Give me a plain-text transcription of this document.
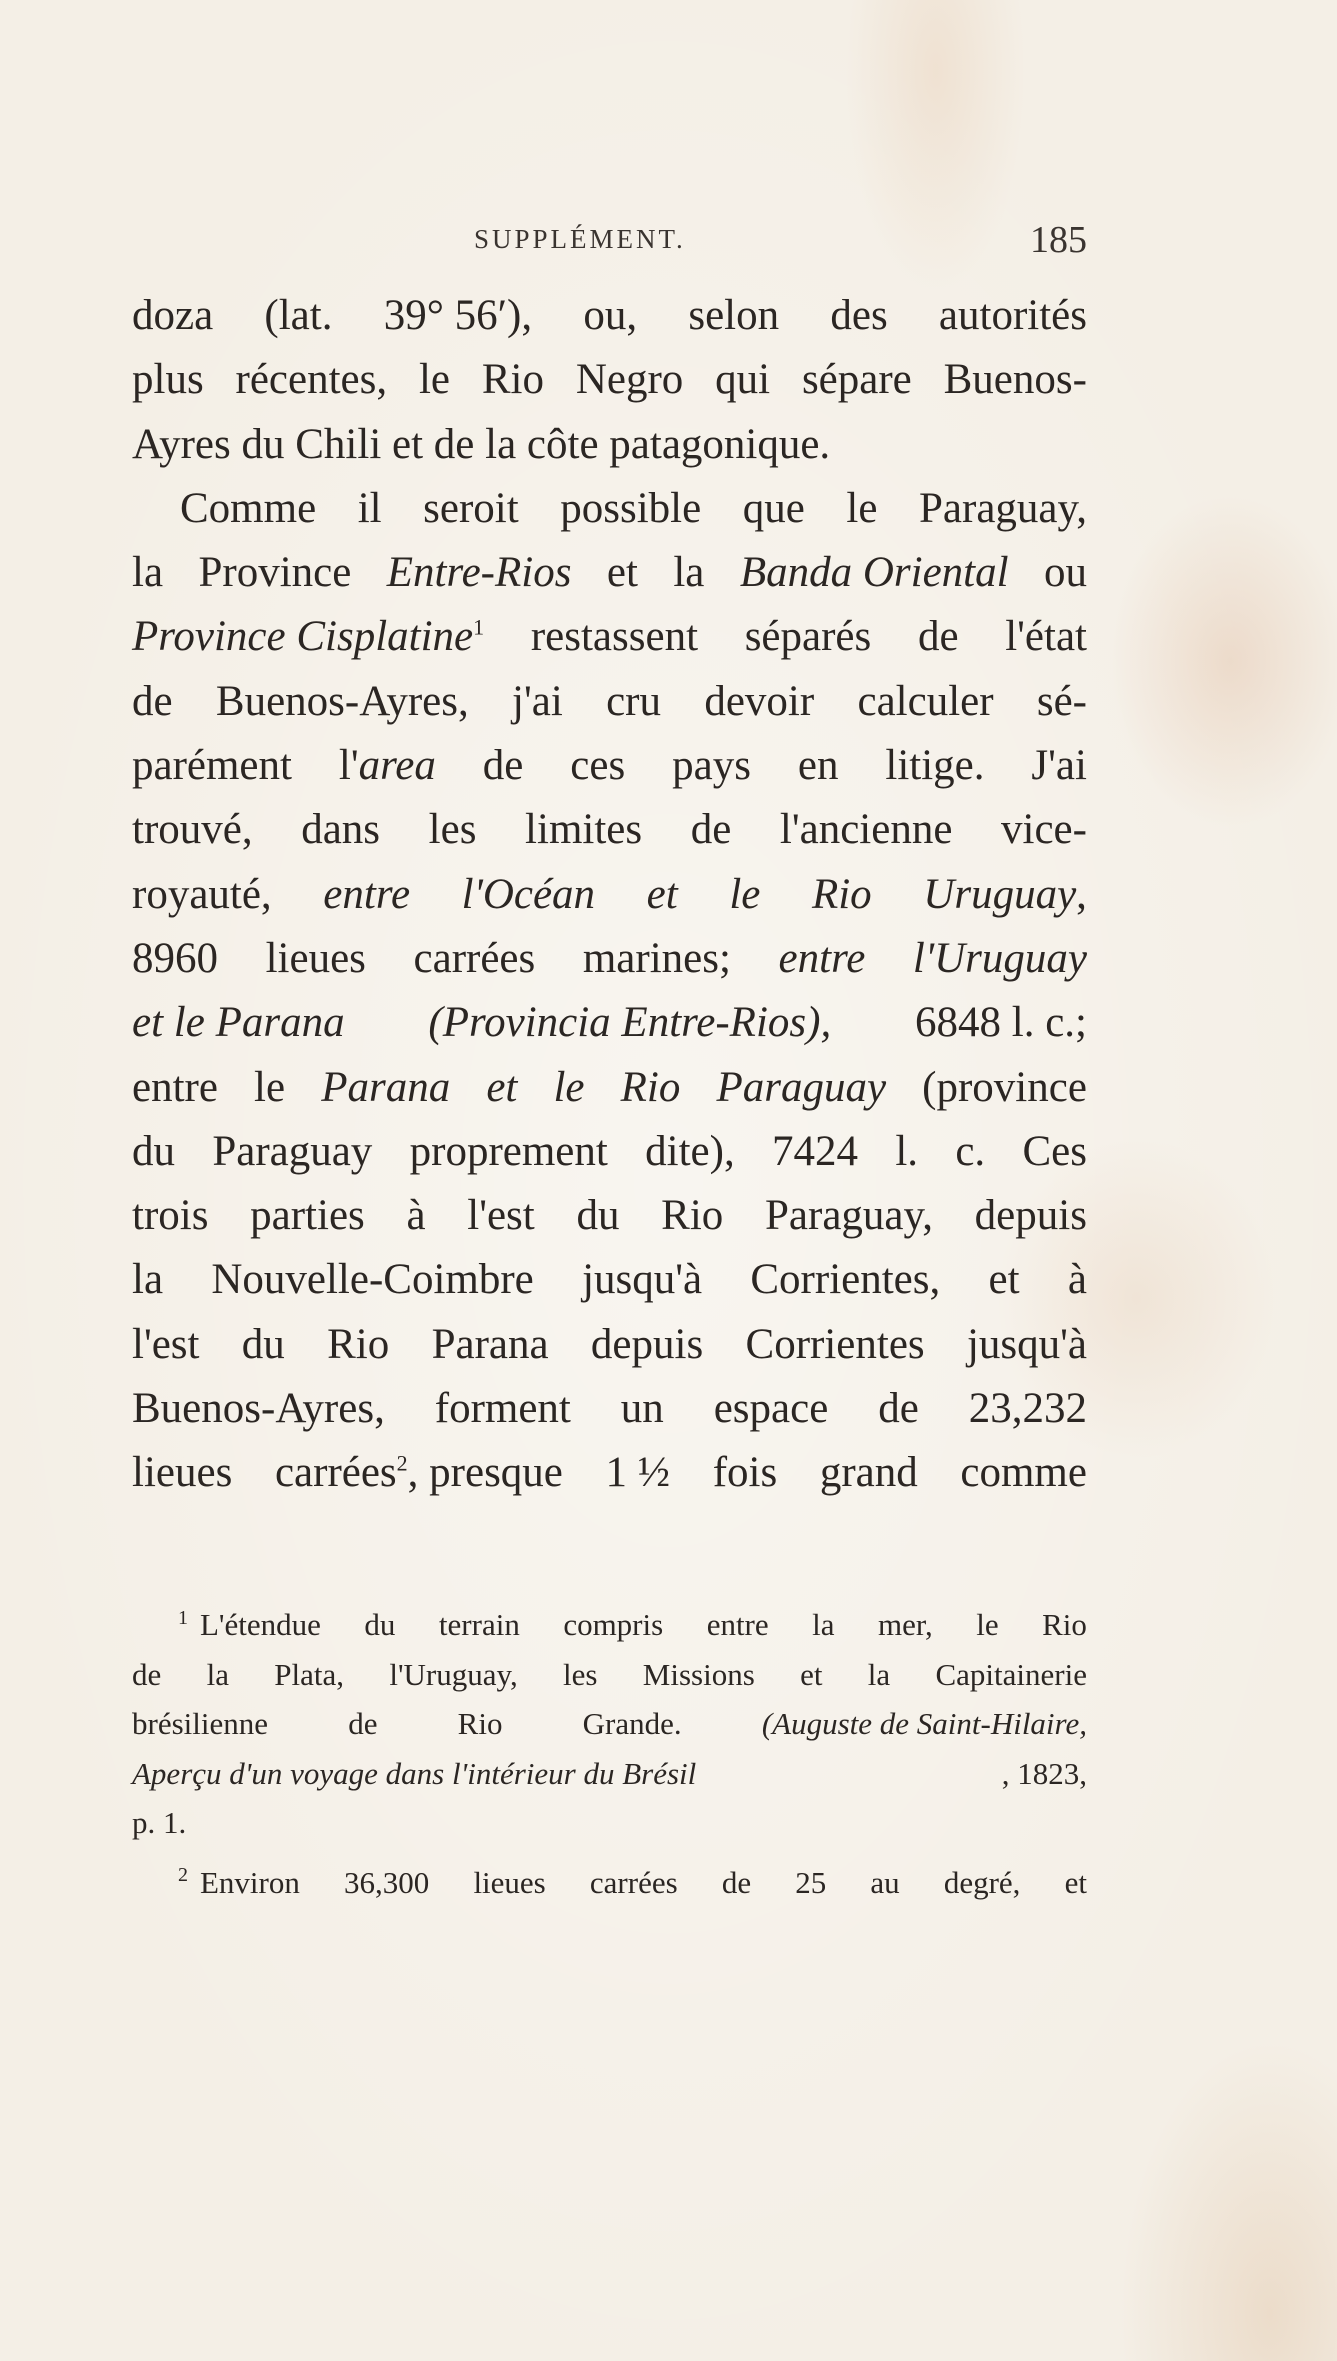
SUPPLÉMENT.	185
doza (lat. 39° 56′), ou, selon des autorités
plus récentes, le Rio Negro qui sépare Buenos-
Ayres du Chili et de la côte patagonique.
Comme il seroit possible que le Paraguay,
la Province Entre-Rios et la Banda Oriental ou
Province Cisplatine$^1$ restassent séparés de l'état
de Buenos-Ayres, j'ai cru devoir calculer sé-
parément l'area de ces pays en litige. J'ai
trouvé, dans les limites de l'ancienne vice-
royauté, entre l'Océan et le Rio Uruguay,
8960 lieues carrées marines; entre l'Uruguay
et le Parana (Provincia Entre-Rios), 6848 l. c.;
entre le Parana et le Rio Paraguay (province
du Paraguay proprement dite), 7424 l. c. Ces
trois parties à l'est du Rio Paraguay, depuis
la Nouvelle-Coimbre jusqu'à Corrientes, et à
l'est du Rio Parana depuis Corrientes jusqu'à
Buenos-Ayres, forment un espace de 23,232
lieues carrées$^2$, presque 1 ½ fois grand comme
$^1$ L'étendue du terrain compris entre la mer, le Rio
de la Plata, l'Uruguay, les Missions et la Capitainerie
brésilienne	de	Rio	Grande.	(Auguste de Saint-Hilaire,
Aperçu d'un voyage dans l'intérieur du Brésil	, 1823,
p. 1.
$^2$ Environ 36,300 lieues carrées de 25 au degré, et
